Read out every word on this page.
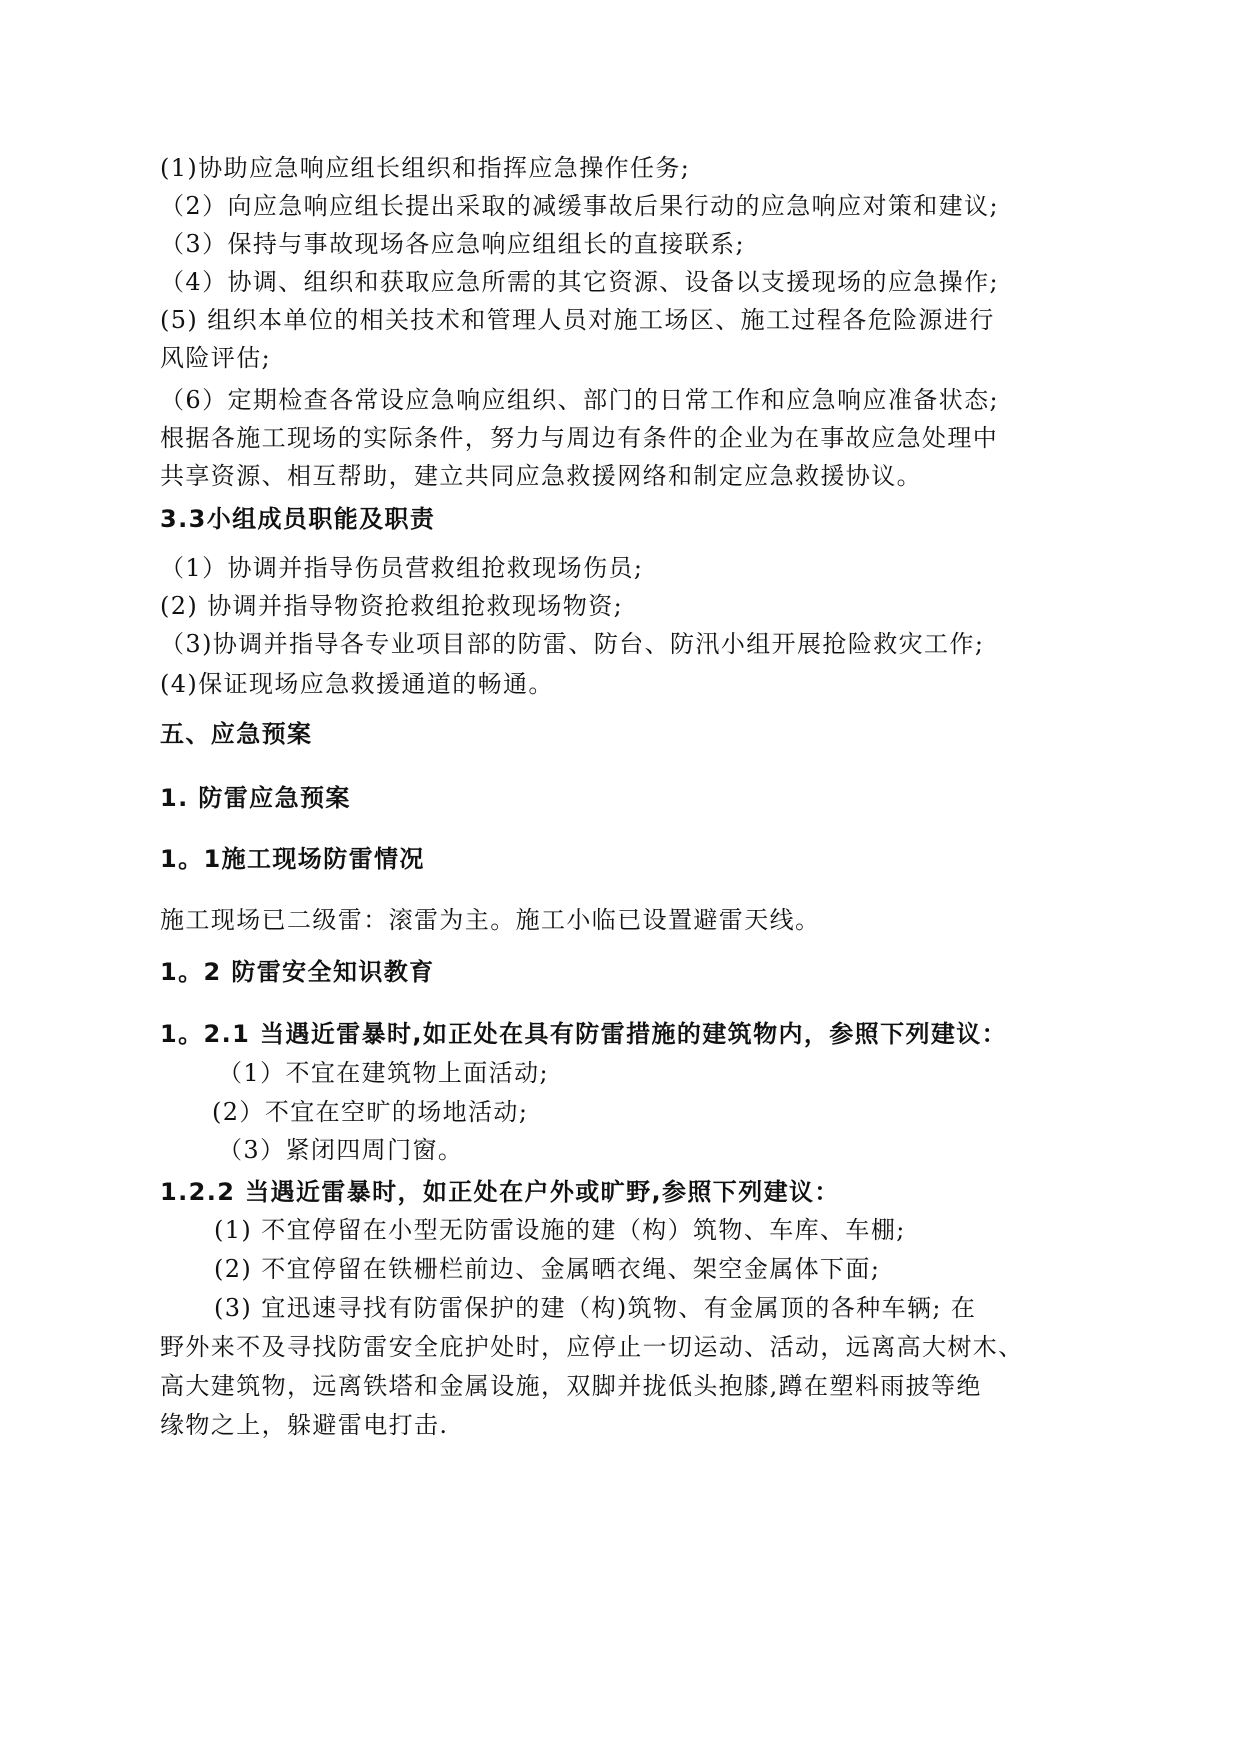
(1)协助应急响应组长组织和指挥应急操作任务;
（2）向应急响应组长提出采取的减缓事故后果行动的应急响应对策和建议;
（3）保持与事故现场各应急响应组组长的直接联系;
（4）协调、组织和获取应急所需的其它资源、设备以支援现场的应急操作;
(5) 组织本单位的相关技术和管理人员对施工场区、施工过程各危险源进行
风险评估;
（6）定期检查各常设应急响应组织、部门的日常工作和应急响应准备状态;
根据各施工现场的实际条件，努力与周边有条件的企业为在事故应急处理中
共享资源、相互帮助，建立共同应急救援网络和制定应急救援协议。
3.3小组成员职能及职责
（1）协调并指导伤员营救组抢救现场伤员;
(2) 协调并指导物资抢救组抢救现场物资;
（3)协调并指导各专业项目部的防雷、防台、防汛小组开展抢险救灾工作;
(4)保证现场应急救援通道的畅通。
五、应急预案
1. 防雷应急预案
1。1施工现场防雷情况
施工现场已二级雷：滚雷为主。施工小临已设置避雷天线。
1。2 防雷安全知识教育
1。2.1 当遇近雷暴时,如正处在具有防雷措施的建筑物内，参照下列建议：
（1）不宜在建筑物上面活动;
(2）不宜在空旷的场地活动;
（3）紧闭四周门窗。
1.2.2 当遇近雷暴时，如正处在户外或旷野,参照下列建议：
(1) 不宜停留在小型无防雷设施的建（构）筑物、车库、车棚;
(2) 不宜停留在铁栅栏前边、金属晒衣绳、架空金属体下面;
(3) 宜迅速寻找有防雷保护的建（构)筑物、有金属顶的各种车辆; 在
野外来不及寻找防雷安全庇护处时，应停止一切运动、活动，远离高大树木、
高大建筑物，远离铁塔和金属设施，双脚并拢低头抱膝,蹲在塑料雨披等绝
缘物之上，躲避雷电打击.
